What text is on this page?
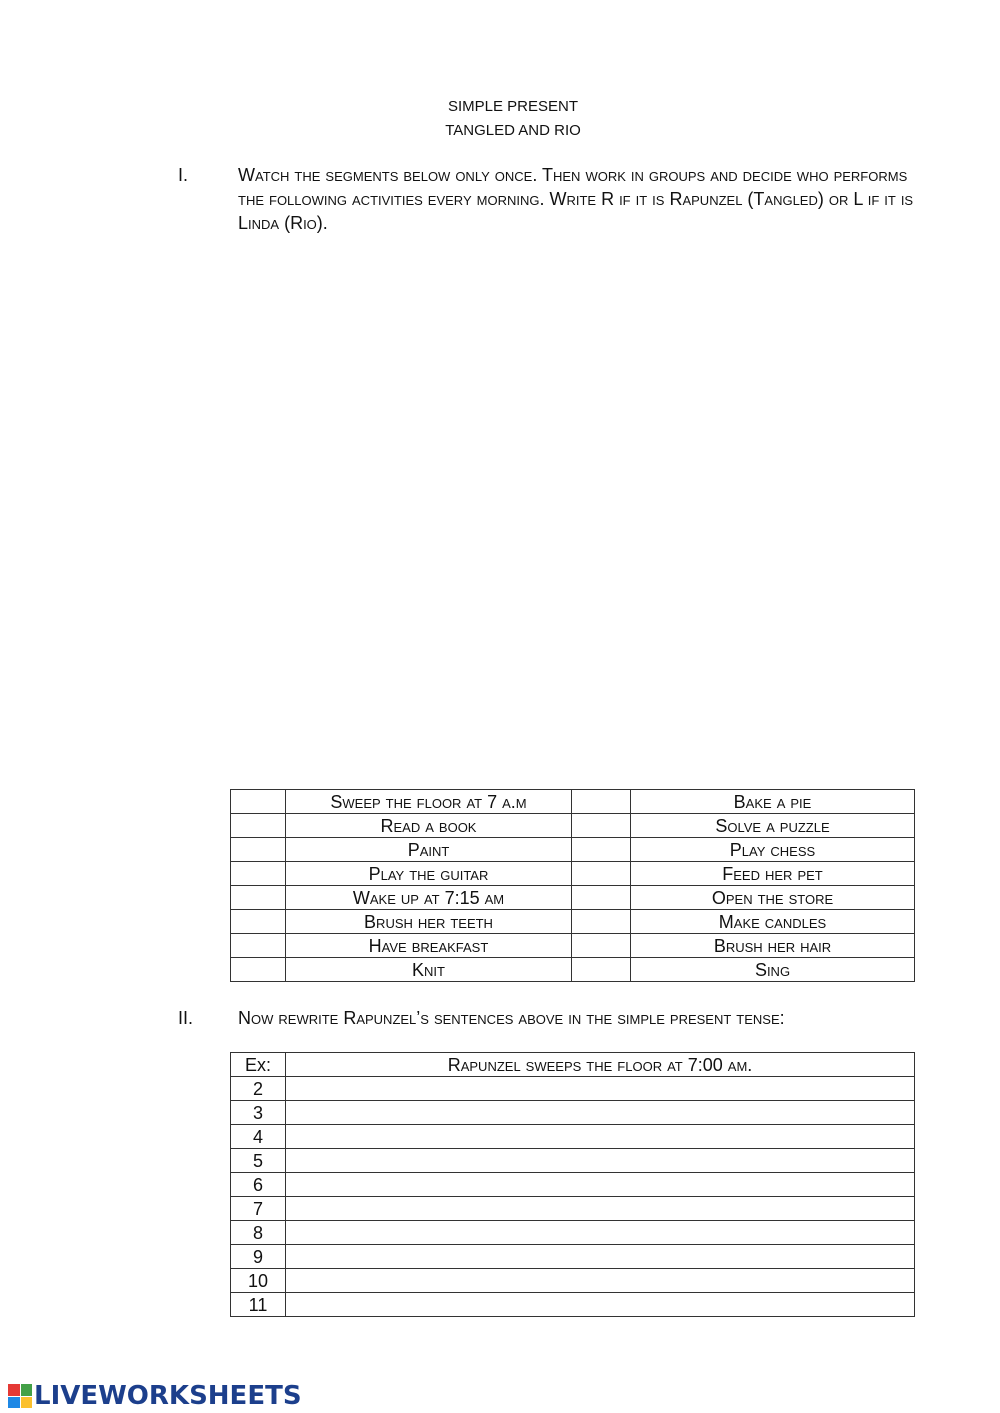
SIMPLE PRESENT
TANGLED AND RIO
I.	Watch the segments below only once. Then work in groups and decide who performs the following activities every morning. Write R if it is Rapunzel (Tangled) or L if it is Linda (Rio).
	Sweep the floor at 7 a.m		Bake a pie
	Read a book		Solve a puzzle
	Paint		Play chess
	Play the guitar		Feed her pet
	Wake up at 7:15 am		Open the store
	Brush her teeth		Make candles
	Have breakfast		Brush her hair
	Knit		Sing
II. Now rewrite Rapunzel’s sentences above in the simple present tense:
Ex:	Rapunzel sweeps the floor at 7:00 am.
2	
3	
4	
5	
6	
7	
8	
9	
10	
11	
LIVEWORKSHEETS
